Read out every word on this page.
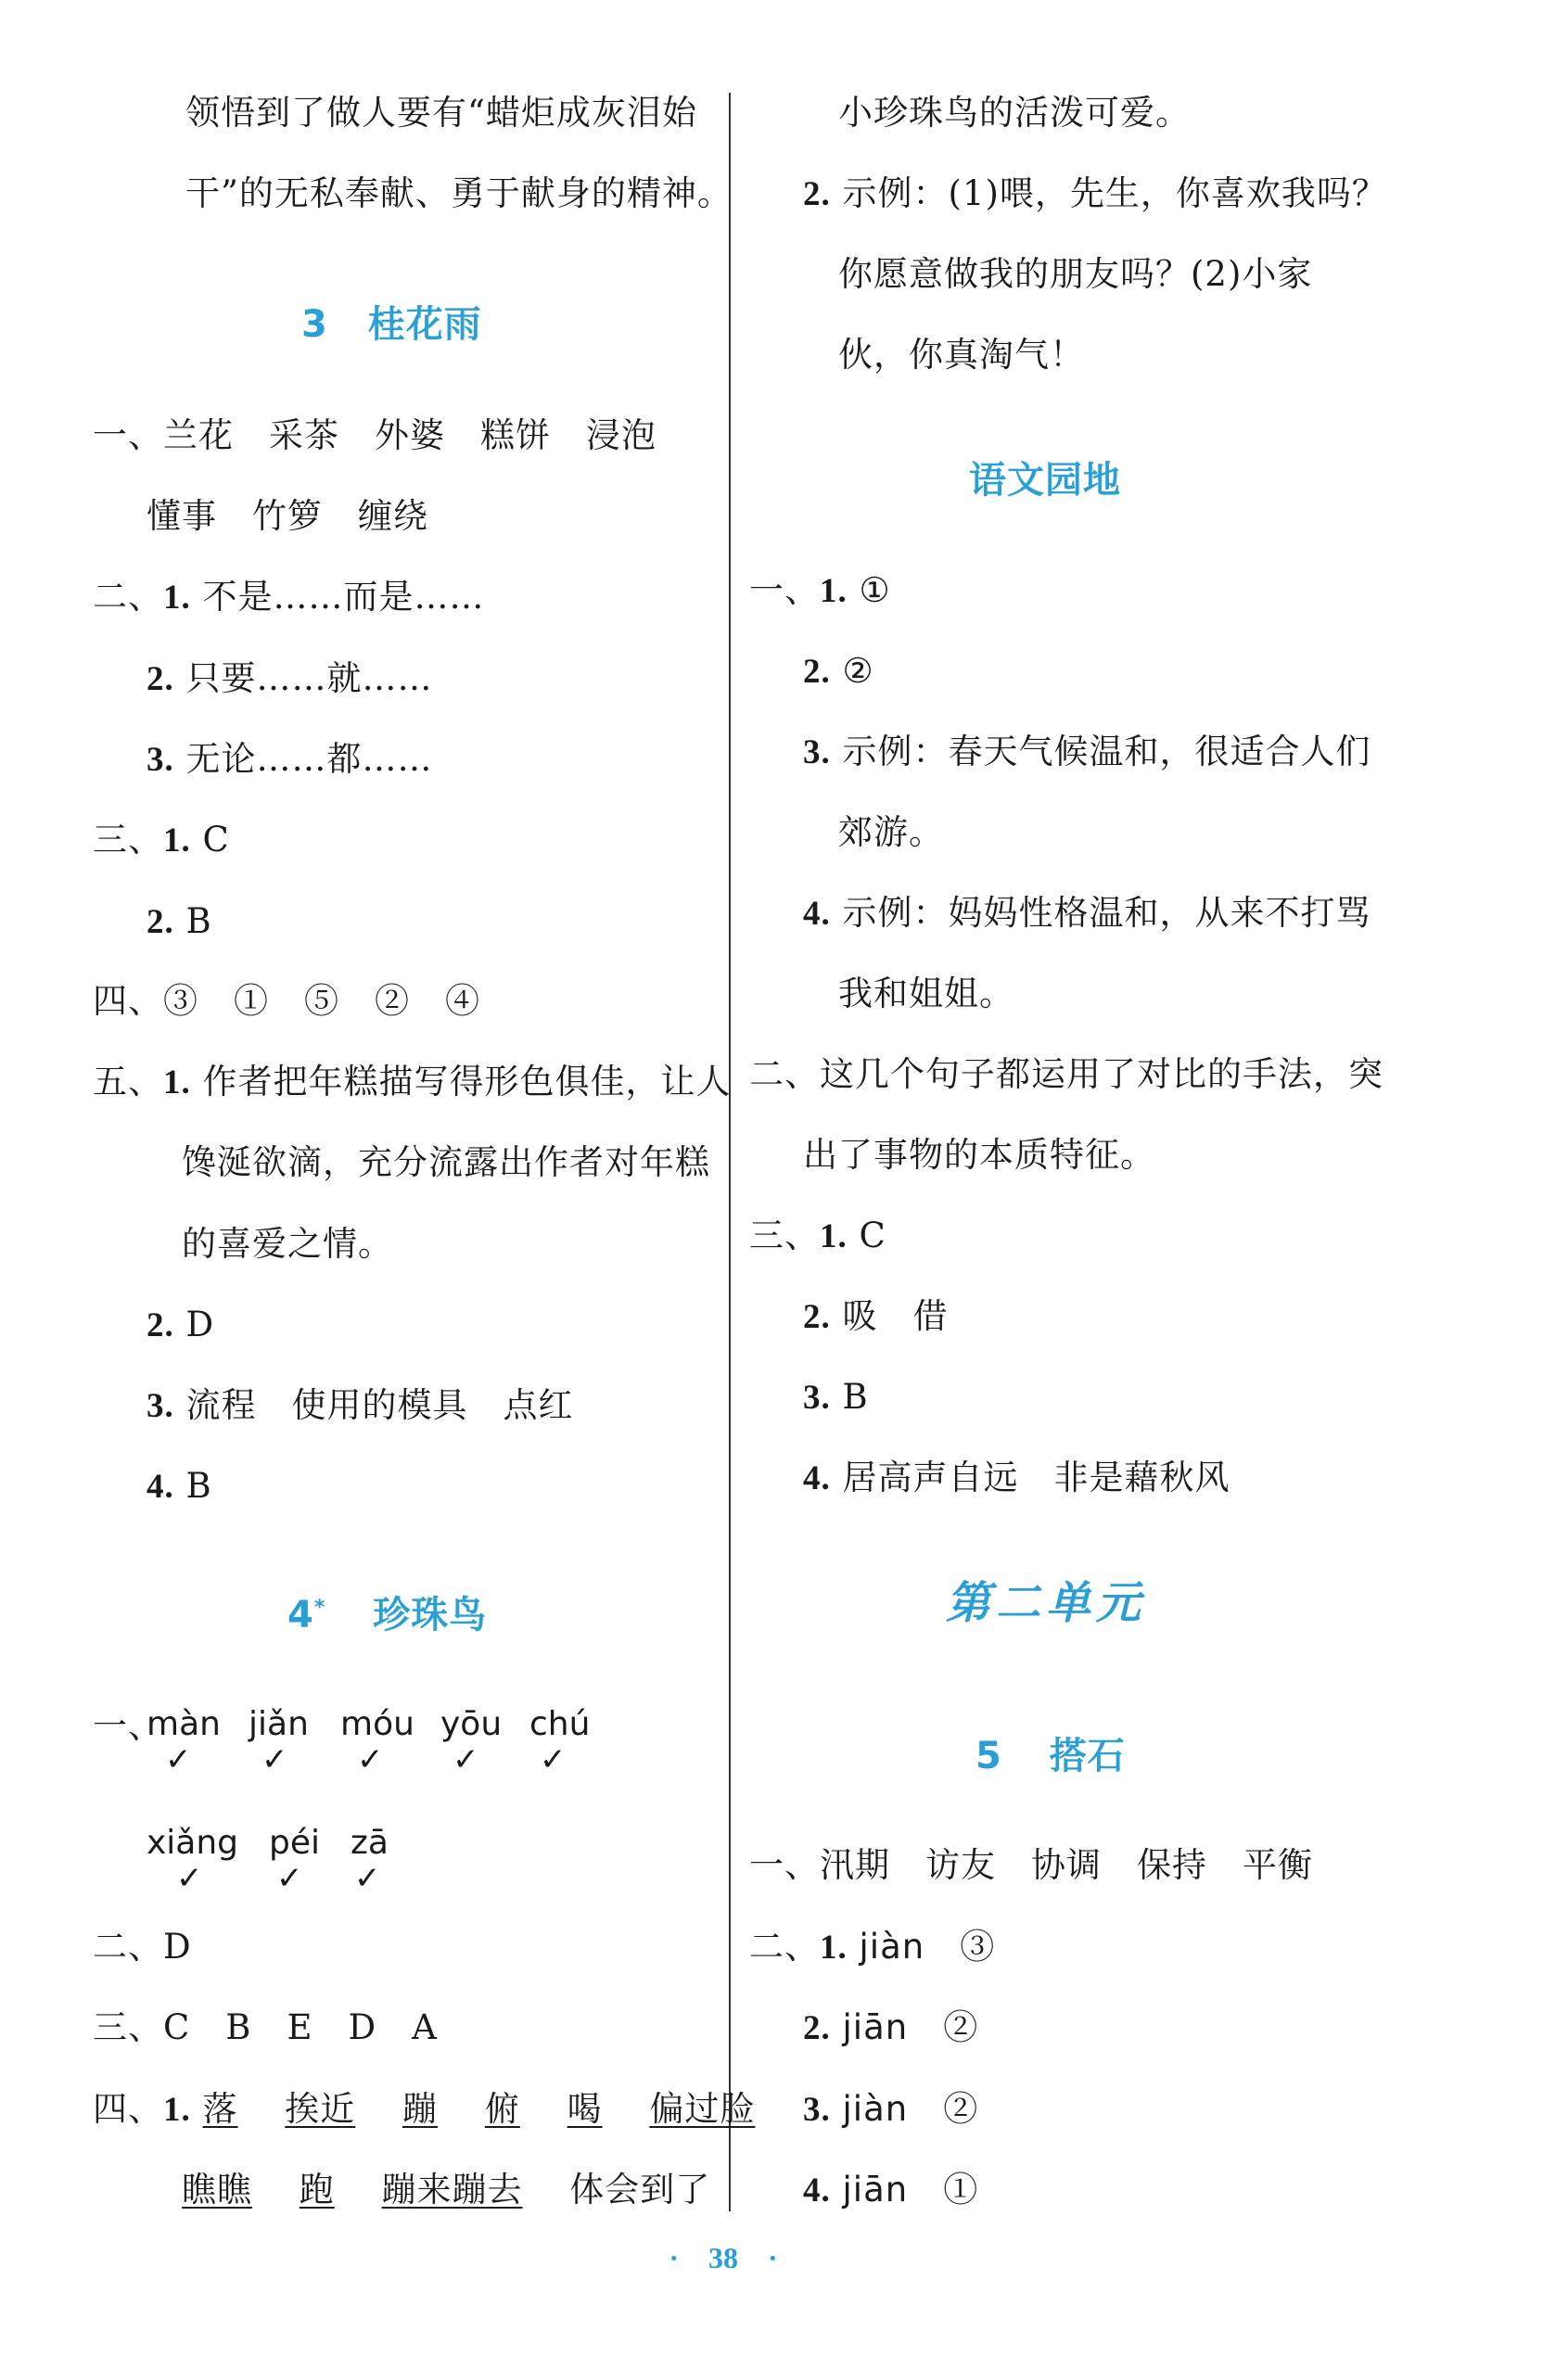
领悟到了做人要有“蜡炬成灰泪始
干”的无私奉献、勇于献身的精神。
3 桂花雨
一、兰花　采茶　外婆　糕饼　浸泡
懂事　竹箩　缠绕
二、1. 不是……而是……
2. 只要……就……
3. 无论……都……
三、1. C
2. B
四、③　①　⑤　②　④
五、1. 作者把年糕描写得形色俱佳，让人
馋涎欲滴，充分流露出作者对年糕
的喜爱之情。
2. D
3. 流程　使用的模具　点红
4. B
4* 珍珠鸟
一、
màn jiǎn móu yōu chú
✓ ✓ ✓ ✓ ✓
xiǎng péi zā
✓ ✓ ✓
二、D
三、C　B　E　D　A
四、1. 落　 挨近　 蹦　 俯　 喝　 偏过脸
瞧瞧　 跑　 蹦来蹦去　 体会到了
小珍珠鸟的活泼可爱。
2. 示例：(1)喂，先生，你喜欢我吗？
你愿意做我的朋友吗？(2)小家
伙，你真淘气！
语文园地
一、1. ①
2. ②
3. 示例：春天气候温和，很适合人们
郊游。
4. 示例：妈妈性格温和，从来不打骂
我和姐姐。
二、这几个句子都运用了对比的手法，突
出了事物的本质特征。
三、1. C
2. 吸　借
3. B
4. 居高声自远　非是藉秋风
第二单元
5 搭石
一、汛期　访友　协调　保持　平衡
二、1. jiàn　 ③
2. jiān　 ②
3. jiàn　 ②
4. jiān　 ①
·　38　·
